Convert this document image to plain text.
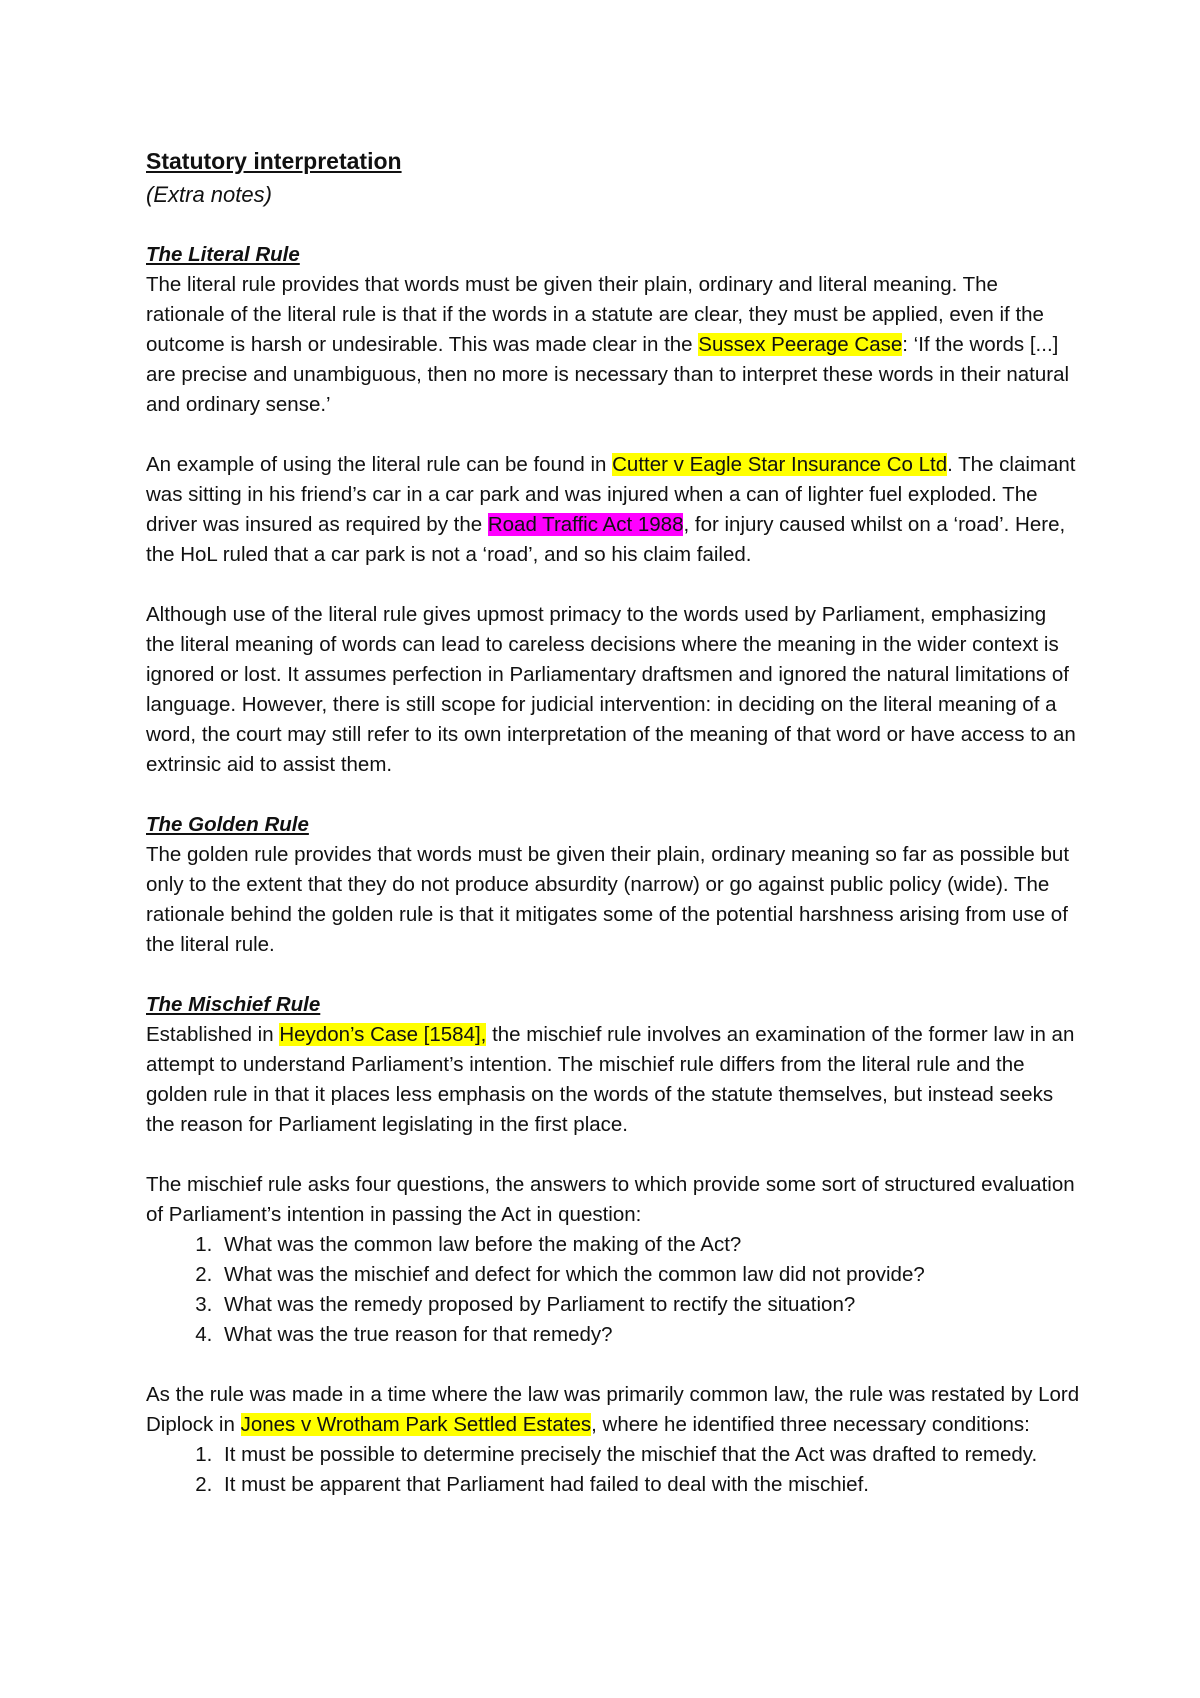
Statutory interpretation

(Extra notes)

The Literal Rule

The literal rule provides that words must be given their plain, ordinary and literal meaning. The rationale of the literal rule is that if the words in a statute are clear, they must be applied, even if the outcome is harsh or undesirable. This was made clear in the Sussex Peerage Case: ‘If the words [...] are precise and unambiguous, then no more is necessary than to interpret these words in their natural and ordinary sense.’

An example of using the literal rule can be found in Cutter v Eagle Star Insurance Co Ltd. The claimant was sitting in his friend’s car in a car park and was injured when a can of lighter fuel exploded. The driver was insured as required by the Road Traffic Act 1988, for injury caused whilst on a ‘road’. Here, the HoL ruled that a car park is not a ‘road’, and so his claim failed.

Although use of the literal rule gives upmost primacy to the words used by Parliament, emphasizing the literal meaning of words can lead to careless decisions where the meaning in the wider context is ignored or lost. It assumes perfection in Parliamentary draftsmen and ignored the natural limitations of language. However, there is still scope for judicial intervention: in deciding on the literal meaning of a word, the court may still refer to its own interpretation of the meaning of that word or have access to an extrinsic aid to assist them.

The Golden Rule

The golden rule provides that words must be given their plain, ordinary meaning so far as possible but only to the extent that they do not produce absurdity (narrow) or go against public policy (wide). The rationale behind the golden rule is that it mitigates some of the potential harshness arising from use of the literal rule.

The Mischief Rule

Established in Heydon’s Case [1584], the mischief rule involves an examination of the former law in an attempt to understand Parliament’s intention. The mischief rule differs from the literal rule and the golden rule in that it places less emphasis on the words of the statute themselves, but instead seeks the reason for Parliament legislating in the first place.

The mischief rule asks four questions, the answers to which provide some sort of structured evaluation of Parliament’s intention in passing the Act in question:

1. What was the common law before the making of the Act?
2. What was the mischief and defect for which the common law did not provide?
3. What was the remedy proposed by Parliament to rectify the situation?
4. What was the true reason for that remedy?

As the rule was made in a time where the law was primarily common law, the rule was restated by Lord Diplock in Jones v Wrotham Park Settled Estates, where he identified three necessary conditions:

1. It must be possible to determine precisely the mischief that the Act was drafted to remedy.
2. It must be apparent that Parliament had failed to deal with the mischief.
